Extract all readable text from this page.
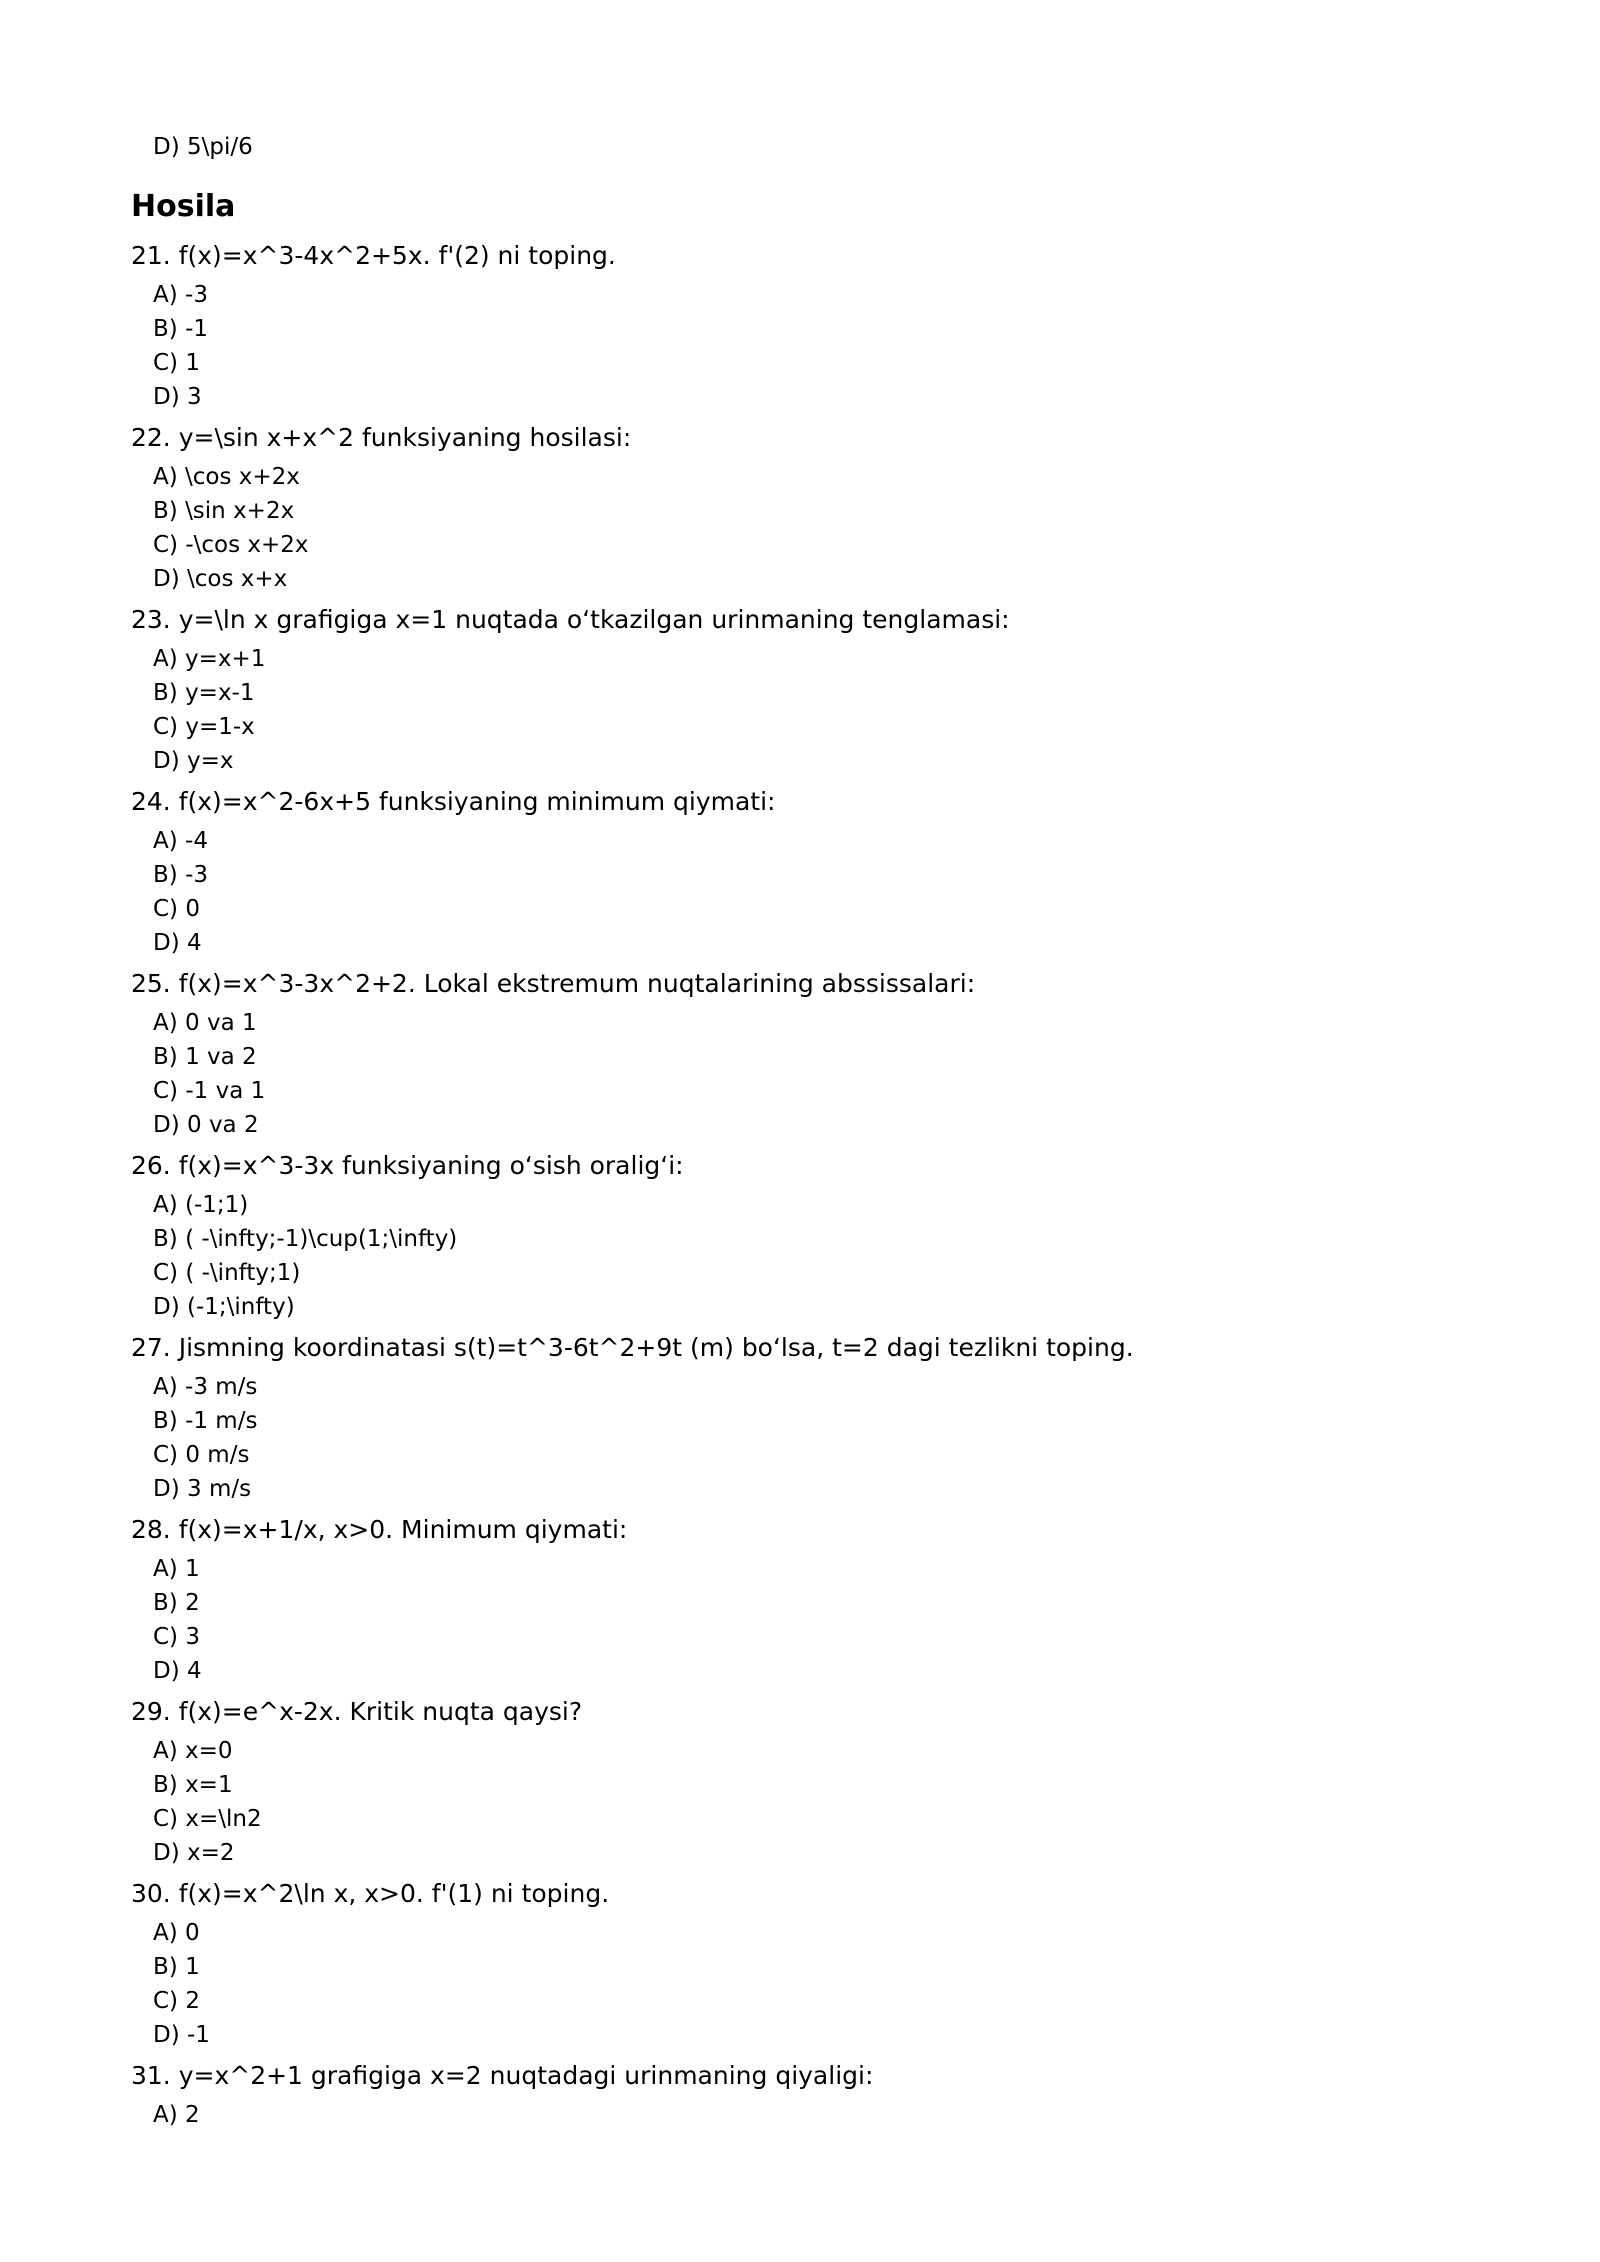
D) 5\pi/6

Hosila

21. f(x)=x^3-4x^2+5x. f'(2) ni toping.

A) -3
B) -1
C) 1
D) 3

22. y=\sin x+x^2 funksiyaning hosilasi:

A) \cos x+2x
B) \sin x+2x
C) -\cos x+2x
D) \cos x+x

23. y=\ln x grafigiga x=1 nuqtada o‘tkazilgan urinmaning tenglamasi:

A) y=x+1
B) y=x-1
C) y=1-x
D) y=x

24. f(x)=x^2-6x+5 funksiyaning minimum qiymati:

A) -4
B) -3
C) 0
D) 4

25. f(x)=x^3-3x^2+2. Lokal ekstremum nuqtalarining abssissalari:

A) 0 va 1
B) 1 va 2
C) -1 va 1
D) 0 va 2

26. f(x)=x^3-3x funksiyaning o‘sish oralig‘i:

A) (-1;1)
B) ( -\infty;-1)\cup(1;\infty)
C) ( -\infty;1)
D) (-1;\infty)

27. Jismning koordinatasi s(t)=t^3-6t^2+9t (m) bo‘lsa, t=2 dagi tezlikni toping.

A) -3 m/s
B) -1 m/s
C) 0 m/s
D) 3 m/s

28. f(x)=x+1/x, x>0. Minimum qiymati:

A) 1
B) 2
C) 3
D) 4

29. f(x)=e^x-2x. Kritik nuqta qaysi?

A) x=0
B) x=1
C) x=\ln2
D) x=2

30. f(x)=x^2\ln x, x>0. f'(1) ni toping.

A) 0
B) 1
C) 2
D) -1

31. y=x^2+1 grafigiga x=2 nuqtadagi urinmaning qiyaligi:

A) 2
